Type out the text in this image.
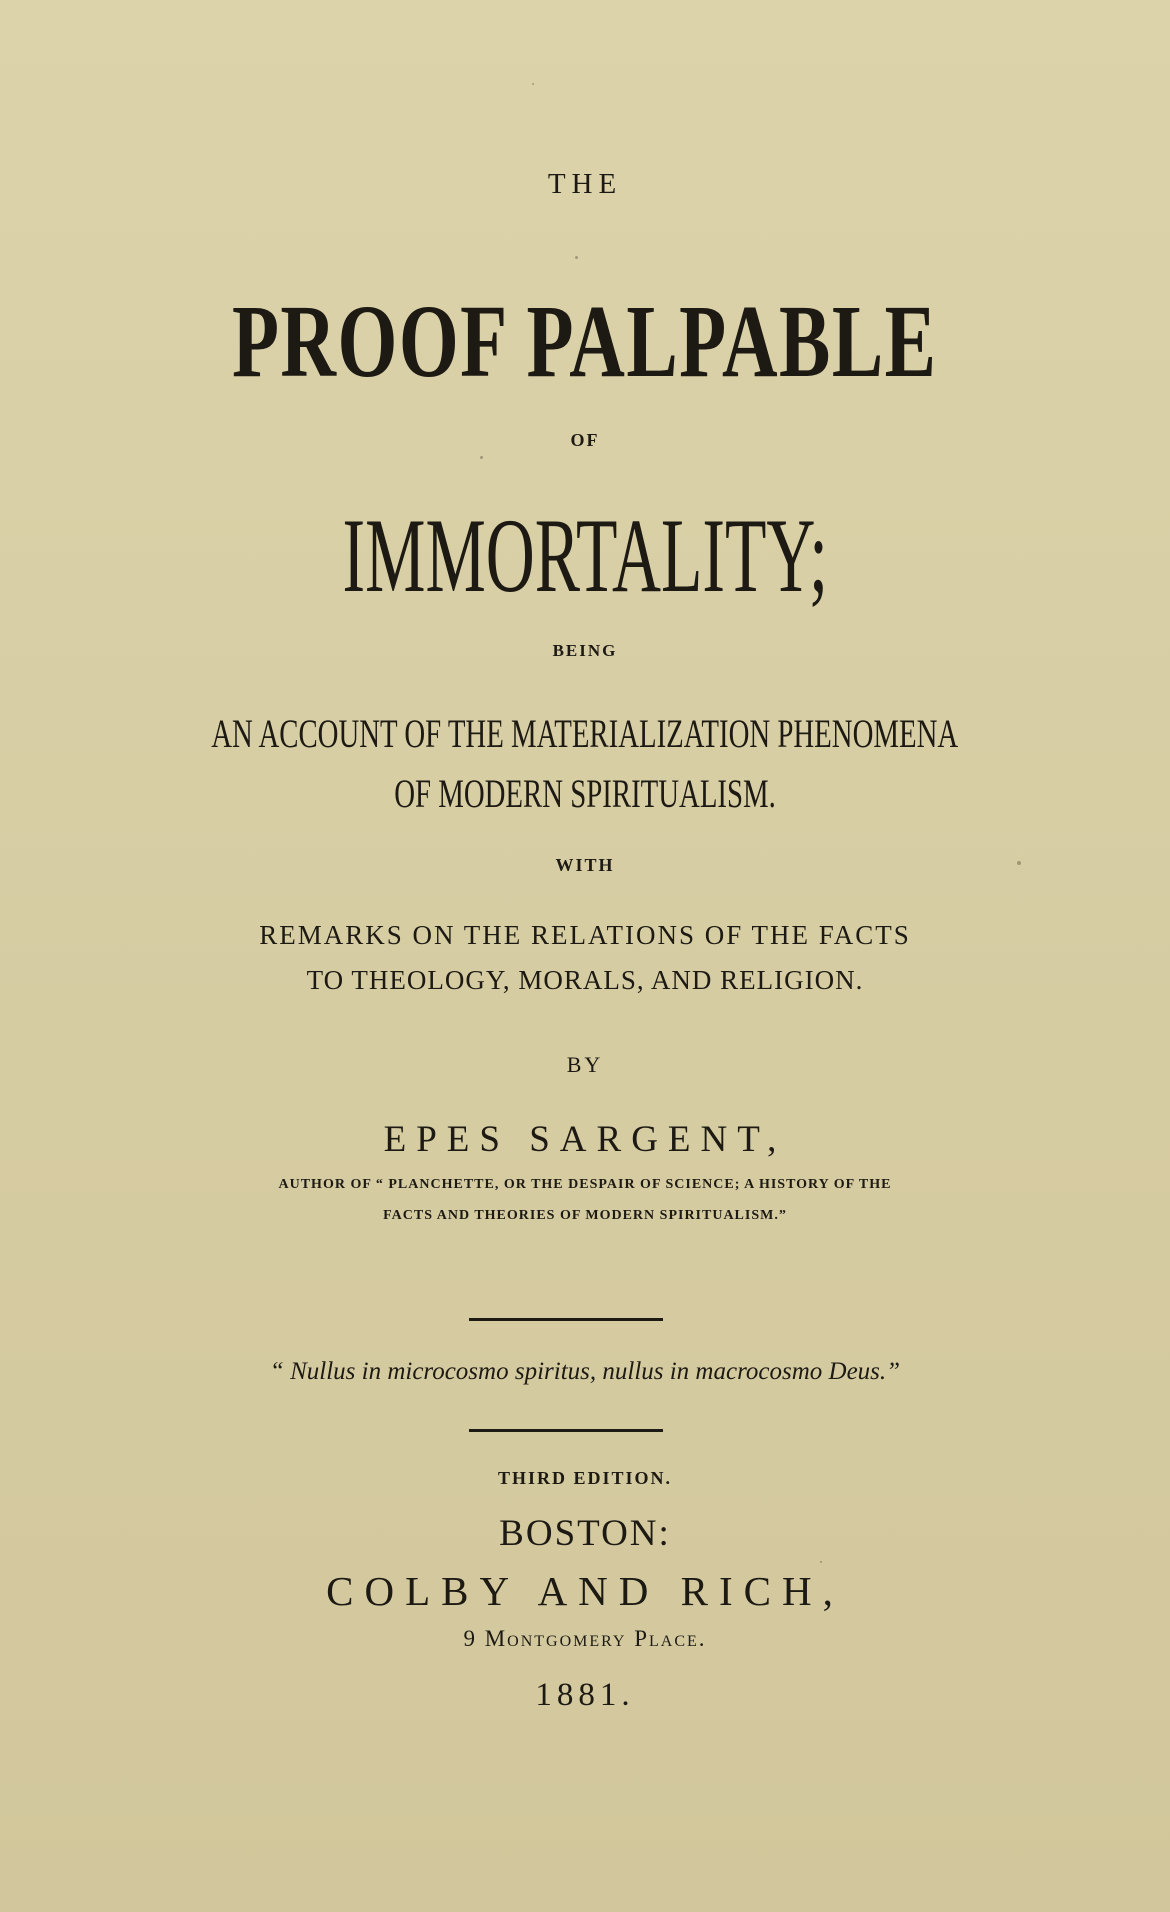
THE

PROOF PALPABLE

OF

IMMORTALITY;

BEING

AN ACCOUNT OF THE MATERIALIZATION PHENOMENA

OF MODERN SPIRITUALISM.

WITH

REMARKS ON THE RELATIONS OF THE FACTS

TO THEOLOGY, MORALS, AND RELIGION.

BY

EPES SARGENT,

AUTHOR OF “ PLANCHETTE, OR THE DESPAIR OF SCIENCE; A HISTORY OF THE

FACTS AND THEORIES OF MODERN SPIRITUALISM.”

“ Nullus in microcosmo spiritus, nullus in macrocosmo Deus.”

THIRD EDITION.

BOSTON:

COLBY AND RICH,

9 Montgomery Place.

1881.
